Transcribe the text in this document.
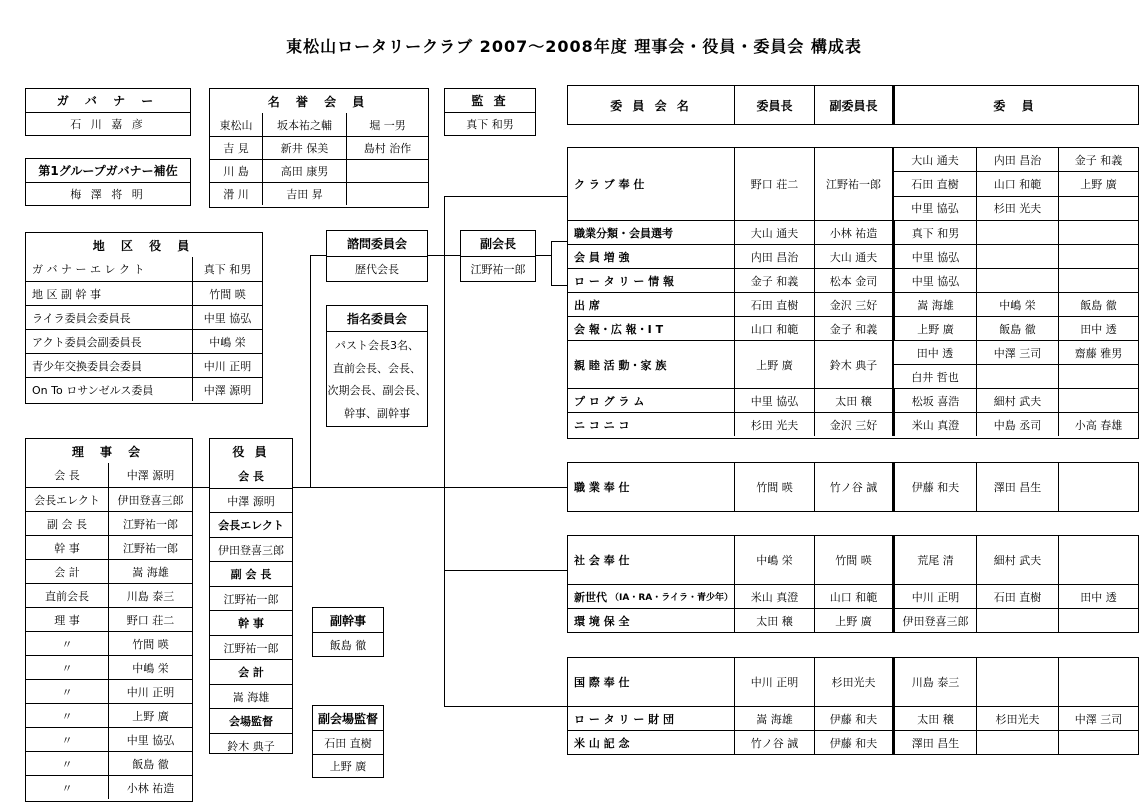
東松山ロータリークラブ 2007～2008年度 理事会・役員・委員会 構成表
ガ バ ナ ー
石 川 嘉 彦
第1グループガバナー補佐
梅 澤 将 明
名 誉 会 員
東松山	坂本祐之輔	堀 一男
吉 見	新井 保美	島村 治作
川 島	高田 康男
滑 川	吉田 昇
監 査
真下 和男
地 区 役 員
ガ バ ナ ー エ レ ク ト	真下 和男
地 区 副 幹 事	竹間 暎
ライラ委員会委員長	中里 協弘
アクト委員会副委員長	中嶋 栄
青少年交換委員会委員	中川 正明
On To ロサンゼルス委員	中澤 源明
諮問委員会
歴代会長
指名委員会
パスト会長3名、
直前会長、会長、
次期会長、副会長、
幹事、副幹事
副会長
江野祐一郎
理 事 会
会 長	中澤 源明
会長エレクト	伊田登喜三郎
副 会 長	江野祐一郎
幹 事	江野祐一郎
会 計	嵩 海雄
直前会長	川島 泰三
理 事	野口 荘二
〃	竹間 暎
〃	中嶋 栄
〃	中川 正明
〃	上野 廣
〃	中里 協弘
〃	飯島 徹
〃	小林 祐造
役 員
会 長
中澤 源明
会長エレクト
伊田登喜三郎
副 会 長
江野祐一郎
幹 事
江野祐一郎
会 計
嵩 海雄
会場監督
鈴木 典子
副幹事
飯島 徹
副会場監督
石田 直樹
上野 廣
委 員 会 名	委員長	副委員長	委 員
ク ラ ブ 奉 仕	野口 荘二	江野祐一郎
大山 通夫	内田 昌治	金子 和義
石田 直樹	山口 和範	上野 廣
中里 協弘	杉田 光夫
職業分類・会員選考	大山 通夫	小林 祐造	真下 和男
会 員 増 強	内田 昌治	大山 通夫	中里 協弘
ロ ー タ リ ー 情 報	金子 和義	松本 金司	中里 協弘
出 席	石田 直樹	金沢 三好	嵩 海雄	中嶋 栄	飯島 徹
会 報・広 報・I T	山口 和範	金子 和義	上野 廣	飯島 徹	田中 透
親 睦 活 動・家 族	上野 廣	鈴木 典子
田中 透	中澤 三司	齋藤 雅男
白井 哲也
プ ロ グ ラ ム	中里 協弘	太田 穣	松坂 喜浩	細村 武夫
ニ コ ニ コ	杉田 光夫	金沢 三好	米山 真澄	中島 丞司	小高 春雄
職 業 奉 仕	竹間 暎	竹ノ谷 誠	伊藤 和夫	澤田 昌生
社 会 奉 仕	中嶋 栄	竹間 暎	荒尾 清	細村 武夫
新世代 （IA・RA・ライラ・青少年）	米山 真澄	山口 和範	中川 正明	石田 直樹	田中 透
環 境 保 全	太田 穣	上野 廣	伊田登喜三郎
国 際 奉 仕	中川 正明	杉田光夫	川島 泰三
ロ ー タ リ ー 財 団	嵩 海雄	伊藤 和夫	太田 穣	杉田光夫	中澤 三司
米 山 記 念	竹ノ谷 誠	伊藤 和夫	澤田 昌生
